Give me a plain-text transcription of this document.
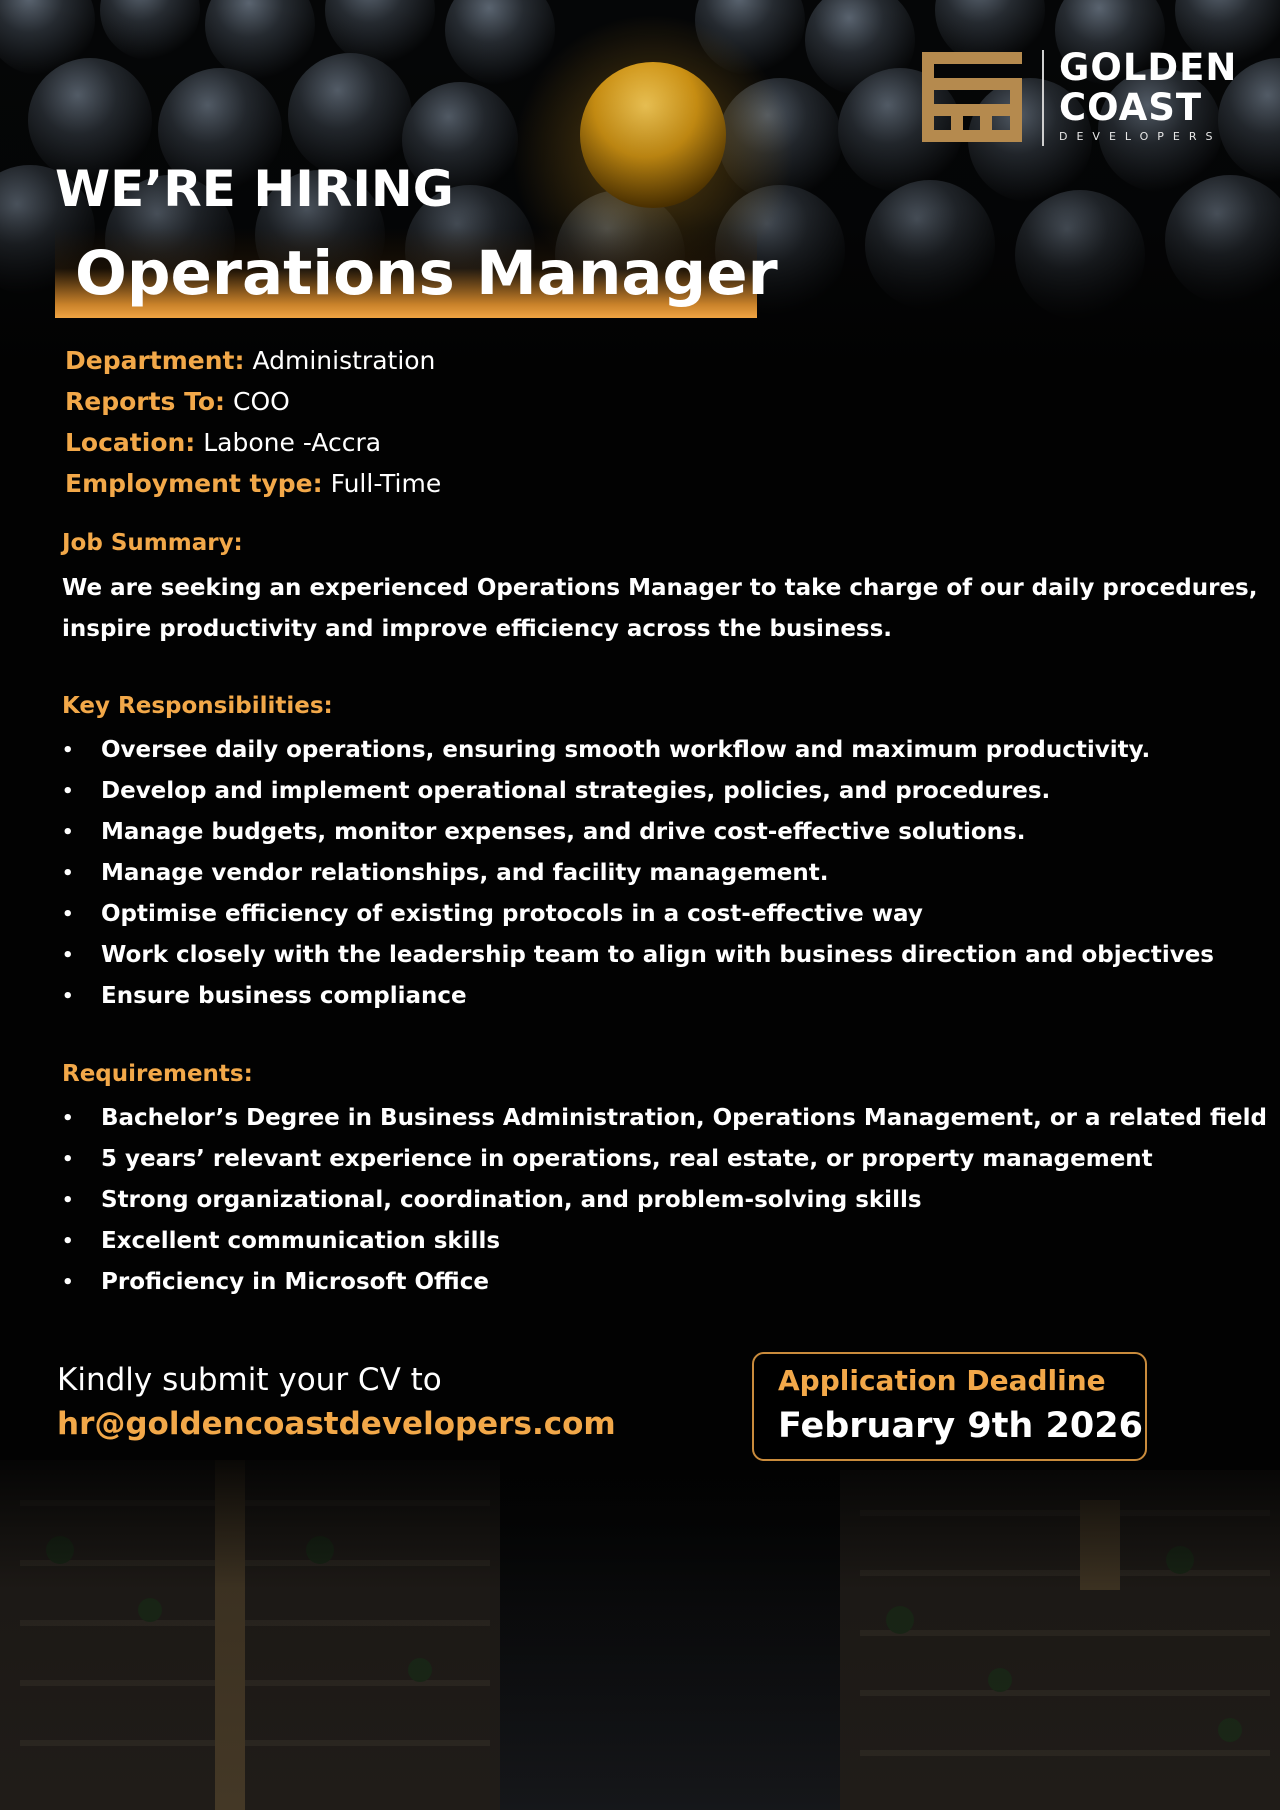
GOLDEN
COAST
DEVELOPERS
WE’RE HIRING
Operations Manager
Department: Administration
Reports To: COO
Location: Labone -Accra
Employment type: Full-Time
Job Summary:
We are seeking an experienced Operations Manager to take charge of our daily procedures,
inspire productivity and improve efficiency across the business.
Key Responsibilities:
• Oversee daily operations, ensuring smooth workflow and maximum productivity.
• Develop and implement operational strategies, policies, and procedures.
• Manage budgets, monitor expenses, and drive cost-effective solutions.
• Manage vendor relationships, and facility management.
• Optimise efficiency of existing protocols in a cost-effective way
• Work closely with the leadership team to align with business direction and objectives
• Ensure business compliance
Requirements:
• Bachelor’s Degree in Business Administration, Operations Management, or a related field
• 5 years’ relevant experience in operations, real estate, or property management
• Strong organizational, coordination, and problem-solving skills
• Excellent communication skills
• Proficiency in Microsoft Office
Kindly submit your CV to
hr@goldencoastdevelopers.com
Application Deadline
February 9th 2026
